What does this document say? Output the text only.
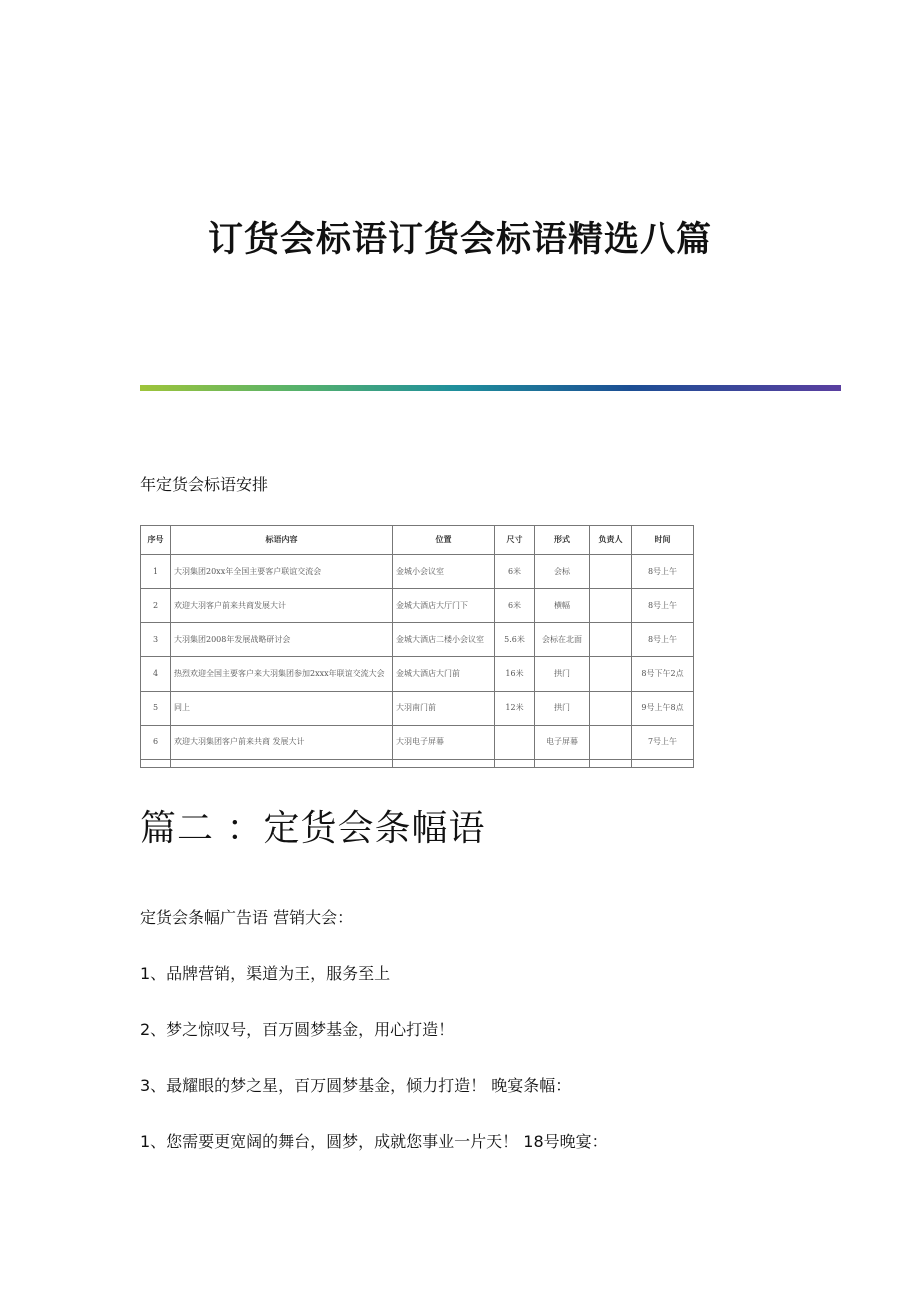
订货会标语订货会标语精选八篇
年定货会标语安排
序号	标语内容	位置	尺寸	形式	负责人	时间
1	大羽集团20xx年全国主要客户联谊交流会	金城小会议室	6米	会标		8号上午
2	欢迎大羽客户前来共商发展大计	金城大酒店大厅门下	6米	横幅		8号上午
3	大羽集团2008年发展战略研讨会	金城大酒店二楼小会议室	5.6米	会标在北面		8号上午
4	热烈欢迎全国主要客户来大羽集团参加2xxx年联谊交流大会	金城大酒店大门前	16米	拱门		8号下午2点
5	同上	大羽南门前	12米	拱门		9号上午8点
6	欢迎大羽集团客户前来共商 发展大计	大羽电子屏幕		电子屏幕		7号上午

篇二 ：定货会条幅语
定货会条幅广告语 营销大会：
1、品牌营销，渠道为王，服务至上
2、梦之惊叹号，百万圆梦基金，用心打造！
3、最耀眼的梦之星，百万圆梦基金，倾力打造！ 晚宴条幅：
1、您需要更宽阔的舞台，圆梦，成就您事业一片天！ 18号晚宴：
